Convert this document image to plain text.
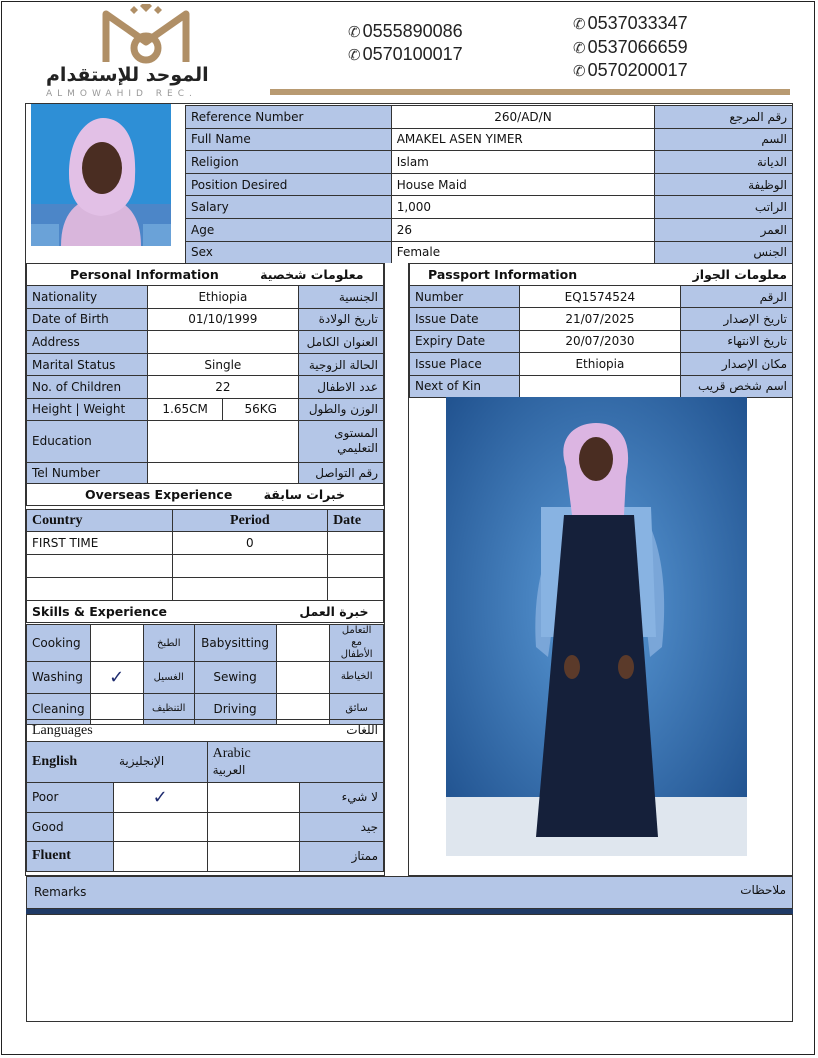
الموحد للإستقدام
ALMOWAHID REC.
✆ 0555890086
✆ 0570100017
✆ 0537033347
✆ 0537066659
✆ 0570200017
Reference Number	260/AD/N	رقم المرجع
Full Name	AMAKEL ASEN YIMER	السم
Religion	Islam	الديانة
Position Desired	House Maid	الوظيفة
Salary	1,000	الراتب
Age	26	العمر
Sex	Female	الجنس
Personal Information معلومات شخصية			
Nationality	Ethiopia		الجنسية
Date of Birth	01/10/1999		تاريخ الولادة
Address			العنوان الكامل
Marital Status	Single		الحالة الزوجية
No. of Children	22		عدد الاطفال
Height | Weight	1.65CM	56KG	الوزن والطول
Education			المستوى
التعليمي

Tel Number			رقم التواصل
Overseas Experience خبرات سابقة			
Country	Period	Date
FIRST TIME	0	

Skills & Experience خبرة العمل		
Cooking		الطبخ	Babysitting		التعامل مع
الأطفال

Washing	✓	الغسيل	Sewing		الخياطة

Cleaning		التنظيف	Driving		سائق
Languages اللغات			

English الإنجليزية		Arabic
العربية	

Poor	✓		لا شيء
Good			جيد
Fluent			ممتاز
Passport Information معلومات الجواز		

Number	EQ1574524	الرقم
Issue Date	21/07/2025	تاريخ الإصدار
Expiry Date	20/07/2030	تاريخ الانتهاء
Issue Place	Ethiopia	مكان الإصدار
Next of Kin		اسم شخص قريب
Remarks	ملاحظات
